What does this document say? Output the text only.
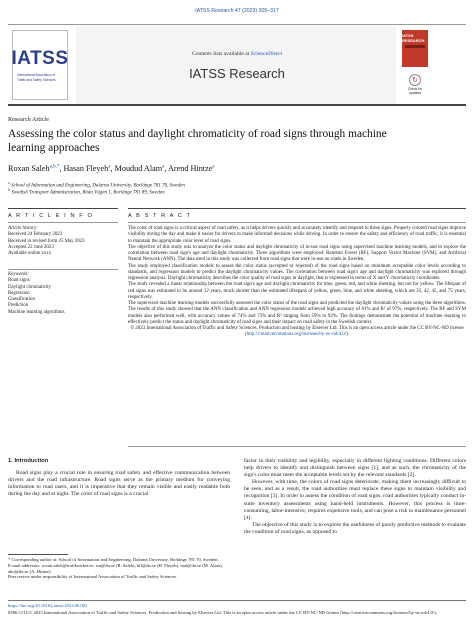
IATSS Research 47 (2023) 305–317
IATSS
International Association of Traffic and Safety Sciences
Contents lists available at ScienceDirect
IATSS Research
IATSS RESEARCH
↻
Check for updates
Research Article
Assessing the color status and daylight chromaticity of road signs through machine learning approaches
Roxan Saleh$^{a,b,*}$, Hasan Fleyeh$^a$, Moudud Alam$^a$, Arend Hintze$^a$
$^a$ School of Information and Engineering, Dalarna University, Borlänge 781 70, Sweden
$^b$ Swedish Transport Administration, Röda Vägen 1, Borlänge 781 89, Sweden
A R T I C L E I N F O	A B S T R A C T
Article history:
Received 24 February 2023
Received in revised form 25 May 2023
Accepted 22 June 2023
Available online xxxx
Keywords:
Road signs
Daylight chromaticity
Regression
Classification
Prediction
Machine learning algorithms

The color of road signs is a critical aspect of road safety, as it helps drivers quickly and accurately identify and respond to these signs. Properly colored road signs improve visibility during the day and make it easier for drivers to make informed decisions while driving. In order to ensure the safety and efficiency of road traffic, it is essential to maintain the appropriate color level of road signs.

The objective of this study was to analyze the color status and daylight chromaticity of in-use road signs using supervised machine learning models, and to explore the correlation between road sign's age and daylight chromaticity. Three algorithms were employed: Random Forest (RF), Support Vector Machine (SVM), and Artificial Neural Network (ANN). The data used in this study was collected from road signs that were in-use on roads in Sweden.

The study employed classification models to assess the color status (accepted or rejected) of the road signs based on minimum acceptable color levels according to standards, and regression models to predict the daylight chromaticity values. The correlation between road sign's age and daylight chromaticity was explored through regression analysis. Daylight chromaticity describes the color quality of road signs in daylight, that is expressed in terms of X and Y chromaticity coordinates.

The study revealed a linear relationship between the road sign's age and daylight chromaticity for blue, green, red, and white sheeting, but not for yellow. The lifespan of red signs was estimated to be around 12 years, much shorter than the estimated lifespans of yellow, green, blue, and white sheeting, which are 35, 42, 45, and 75 years, respectively.

The supervised machine learning models successfully assessed the color status of the road signs and predicted the daylight chromaticity values using the three algorithms. The results of this study showed that the ANN classification and ANN regression models achieved high accuracy of 81% and R² of 97%, respectively. The RF and SVM models also performed well, with accuracy values of 74% and 73% and R² ranging from 59% to 92%. The findings demonstrate the potential of machine learning to effectively predict the status and daylight chromaticity of road signs and their impact on road safety in the Swedish context.

© 2023 International Association of Traffic and Safety Sciences. Production and hosting by Elsevier Ltd. This is an open access article under the CC BY-NC-ND license (http://creativecommons.org/licenses/by-nc-nd/4.0/).

1. Introduction

Road signs play a crucial role in ensuring road safety and effective communication between drivers and the road infrastructure. Road signs serve as the primary medium for conveying information to road users, and it is imperative that they remain visible and easily readable both during the day and at night. The color of road signs is a crucial

factor in their visibility and legibility, especially in different lighting conditions. Different colors help drivers to identify and distinguish between signs [1], and as such, the chromaticity of the sign's color must meet the acceptable levels set by the relevant standards [2].

However, with time, the colors of road signs deteriorate, making them increasingly difficult to be seen, and as a result, the road authorities must replace these signs to maintain visibility and recognition [3]. In order to assess the condition of road signs, road authorities typically conduct in-suite inventory assessments using hand-held instruments. However, this process is time-consuming, labor-intensive, requires expensive tools, and can pose a risk to maintenance personnel [4].

The objective of this study is to explore the usefulness of purely predictive methods to evaluate the condition of road signs, as opposed to

* Corresponding author at: School of Information and Engineering, Dalarna University, Borlänge 781 70, Sweden.
E-mail addresses: roxan.saleh@trafikverket.se, rsa@du.se (R. Saleh), hfl@du.se (H. Fleyeh), mal@du.se (M. Alam), aho@du.se (A. Hintze).
Peer review under responsibility of International Association of Traffic and Safety Sciences.
https://doi.org/10.1016/j.iatssr.2023.06.003
0386-1112/© 2023 International Association of Traffic and Safety Sciences. Production and hosting by Elsevier Ltd. This is an open access article under the CC BY-NC-ND license (http://creativecommons.org/licenses/by-nc-nd/4.0/).
